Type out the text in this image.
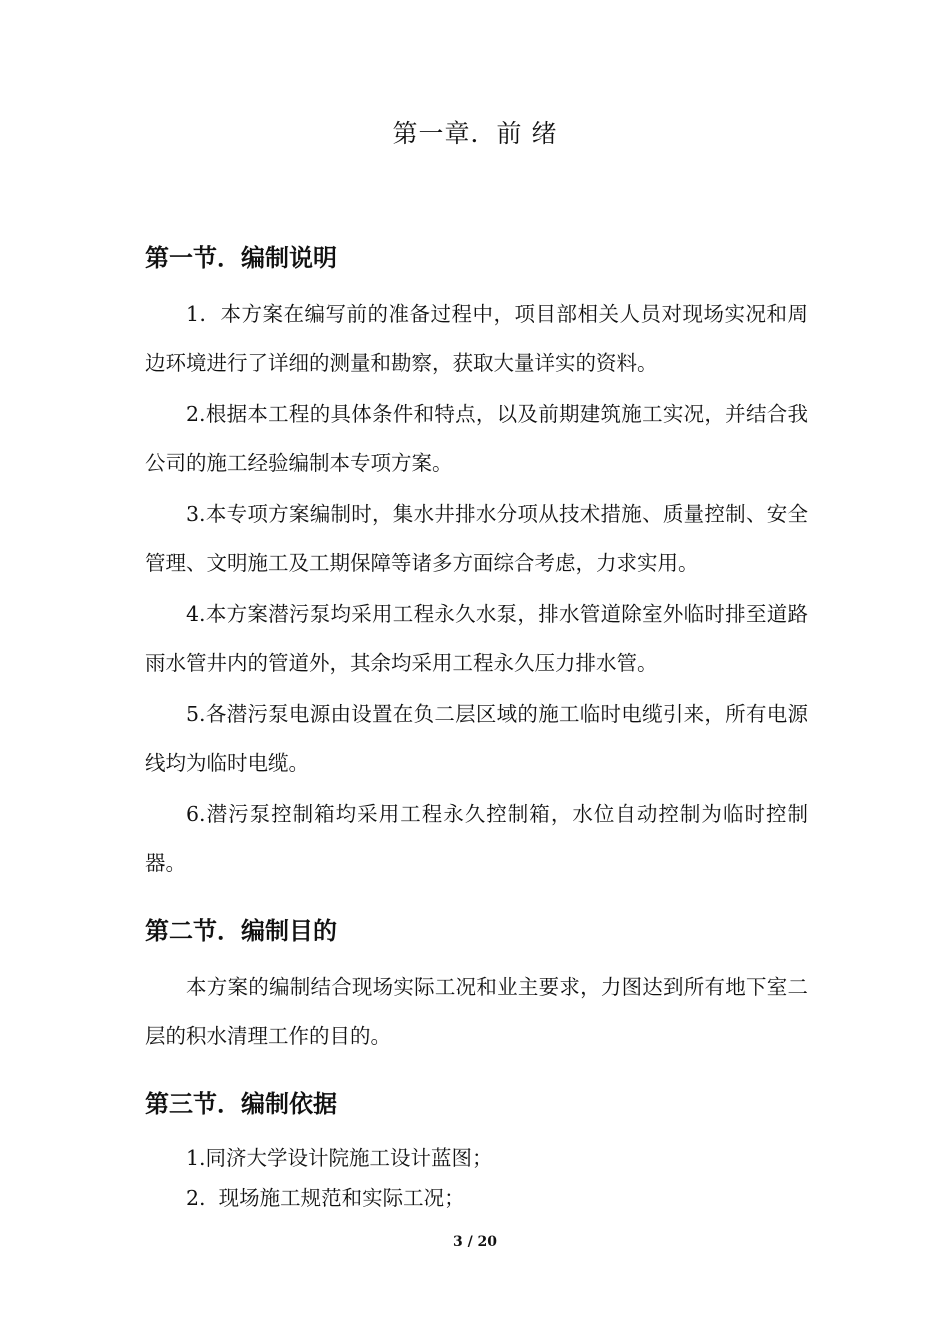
第一章．前 绪
第一节．编制说明

1．本方案在编写前的准备过程中，项目部相关人员对现场实况和周边环境进行了详细的测量和勘察，获取大量详实的资料。

2.根据本工程的具体条件和特点，以及前期建筑施工实况，并结合我公司的施工经验编制本专项方案。

3.本专项方案编制时，集水井排水分项从技术措施、质量控制、安全管理、文明施工及工期保障等诸多方面综合考虑，力求实用。

4.本方案潜污泵均采用工程永久水泵，排水管道除室外临时排至道路雨水管井内的管道外，其余均采用工程永久压力排水管。

5.各潜污泵电源由设置在负二层区域的施工临时电缆引来，所有电源线均为临时电缆。

6.潜污泵控制箱均采用工程永久控制箱，水位自动控制为临时控制器。

第二节．编制目的

本方案的编制结合现场实际工况和业主要求，力图达到所有地下室二层的积水清理工作的目的。

第三节．编制依据

1.同济大学设计院施工设计蓝图；

2.  现场施工规范和实际工况；

3 / 20
